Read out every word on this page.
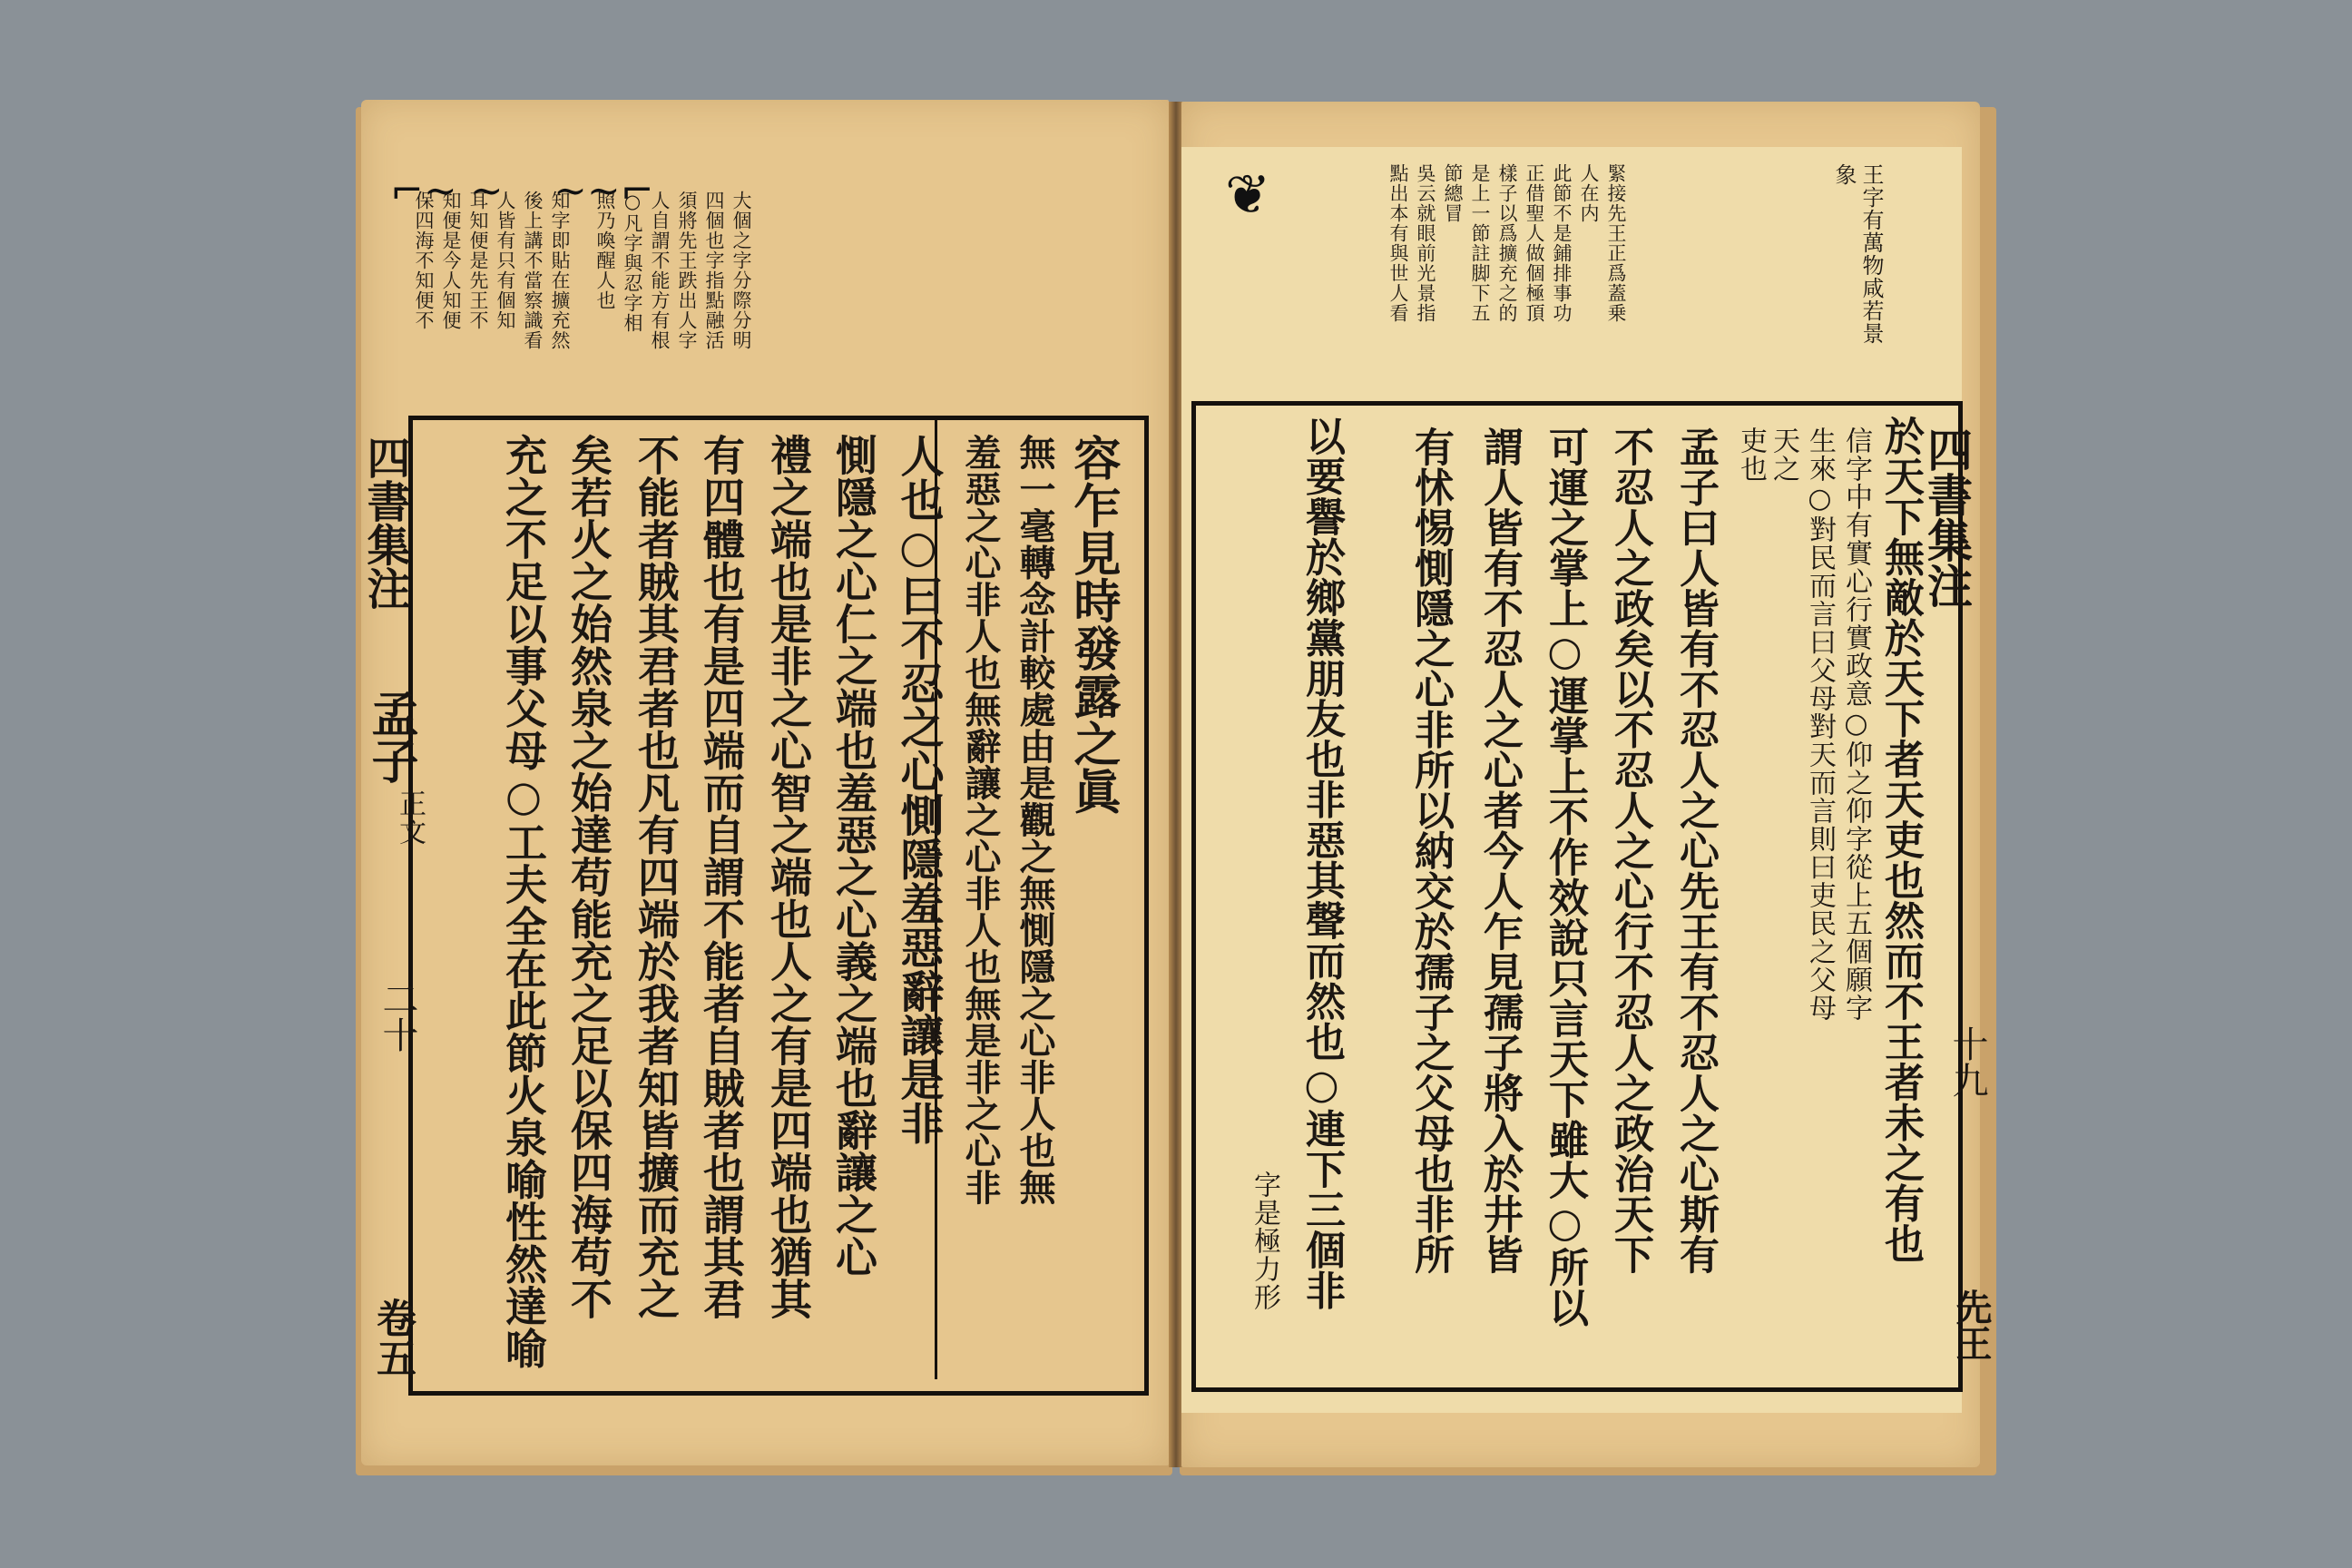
⌐~ ~ ~~⌐	大個之字分際分明
四個也字指點融活
須將先王跌出人字
人自謂不能方有根
○凡字與忍字相
照乃喚醒人也
知字即貼在擴充然
後上講不當察識看
人皆有只有個知
耳知便是先王不
知便是今人知便
保四海不知便不
容乍見時發露之眞
無一毫轉念計較處由是觀之無惻隱之心非人也無
羞惡之心非人也無辭讓之心非人也無是非之心非
人也○曰不忍之心惻隱羞惡辭讓是非
惻隱之心仁之端也羞惡之心義之端也辭讓之心
禮之端也是非之心智之端也人之有是四端也猶其
有四體也有是四端而自謂不能者自賊者也謂其君
不能者賊其君者也凡有四端於我者知皆擴而充之
矣若火之始然泉之始達苟能充之足以保四海苟不
充之不足以事父母○工夫全在此節火泉喻性然達喻
四書集注
孟子
正文
二十
卷五
❦	王字有萬物咸若景
象
緊接先王正爲蓋乗
人在内
此節不是鋪排事功
正借聖人做個極頂
樣子以爲擴充之的
是上一節註脚下五
節總冒
吳云就眼前光景指
點出本有與世人看
於天下無敵於天下者天吏也然而不王者未之有也
信字中有實心行實政意○仰之仰字從上五個願字
生來○對民而言曰父母對天而言則曰吏民之父母
天之
吏也
孟子曰人皆有不忍人之心先王有不忍人之心斯有
不忍人之政矣以不忍人之心行不忍人之政治天下
可運之掌上○運掌上不作效說只言天下雖大○所以
謂人皆有不忍人之心者今人乍見孺子將入於井皆
有怵惕惻隱之心非所以納交於孺子之父母也非所
以要譽於鄉黨朋友也非惡其聲而然也○連下三個非
字是極力形
四書集注
十九
先王
